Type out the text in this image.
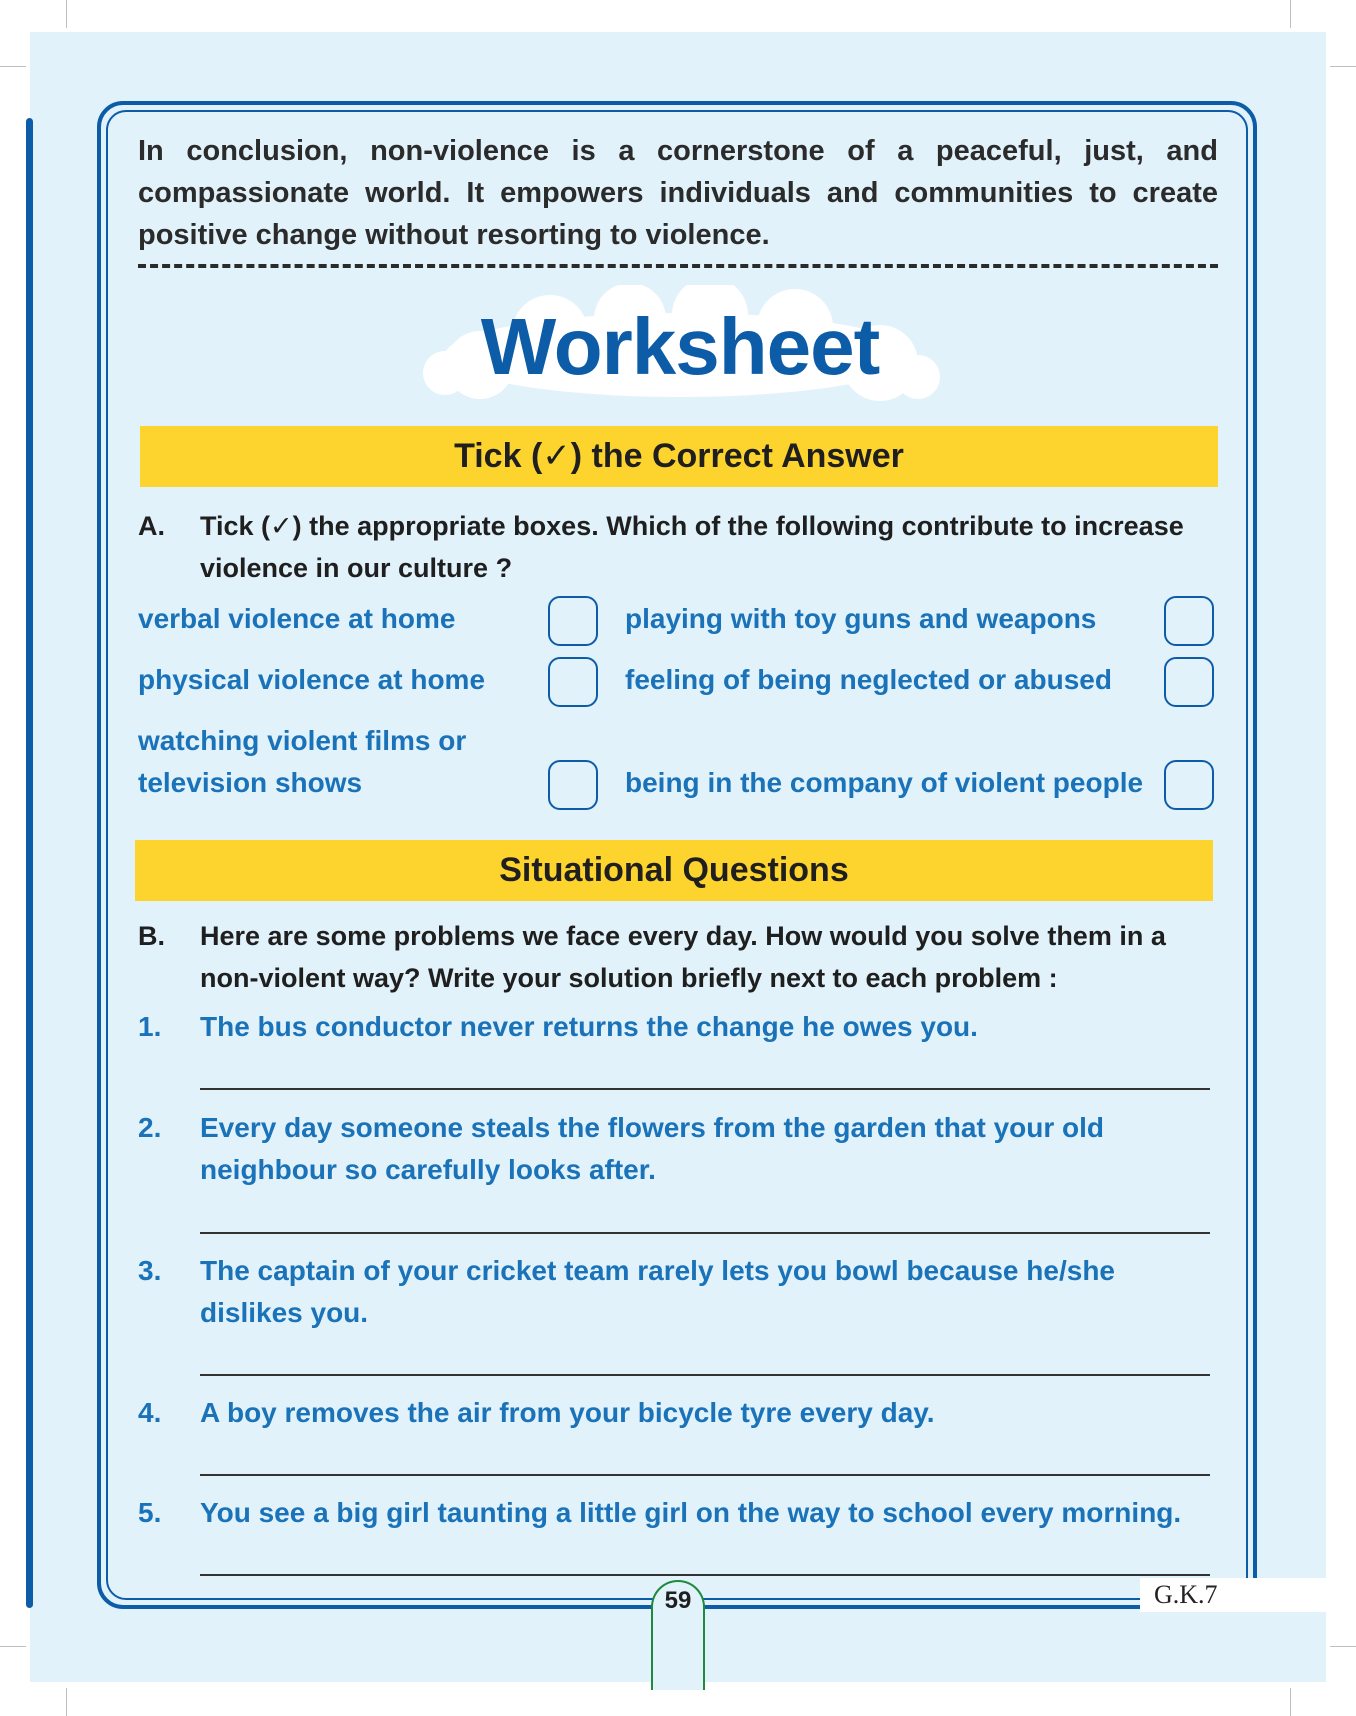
In conclusion, non-violence is a cornerstone of a peaceful, just, and compassionate world. It empowers individuals and communities to create positive change without resorting to violence.

Worksheet
Tick (✓) the Correct Answer
A. Tick (✓) the appropriate boxes. Which of the following contribute to increase violence in our culture ?
verbal violence at home	playing with toy guns and weapons
physical violence at home	feeling of being neglected or abused
watching violent films or television shows	being in the company of violent people
Situational Questions
B. Here are some problems we face every day. How would you solve them in a non-violent way? Write your solution briefly next to each problem :
1. The bus conductor never returns the change he owes you.
2. Every day someone steals the flowers from the garden that your old neighbour so carefully looks after.
3. The captain of your cricket team rarely lets you bowl because he/she dislikes you.
4. A boy removes the air from your bicycle tyre every day.
5. You see a big girl taunting a little girl on the way to school every morning.
59	G.K.7
